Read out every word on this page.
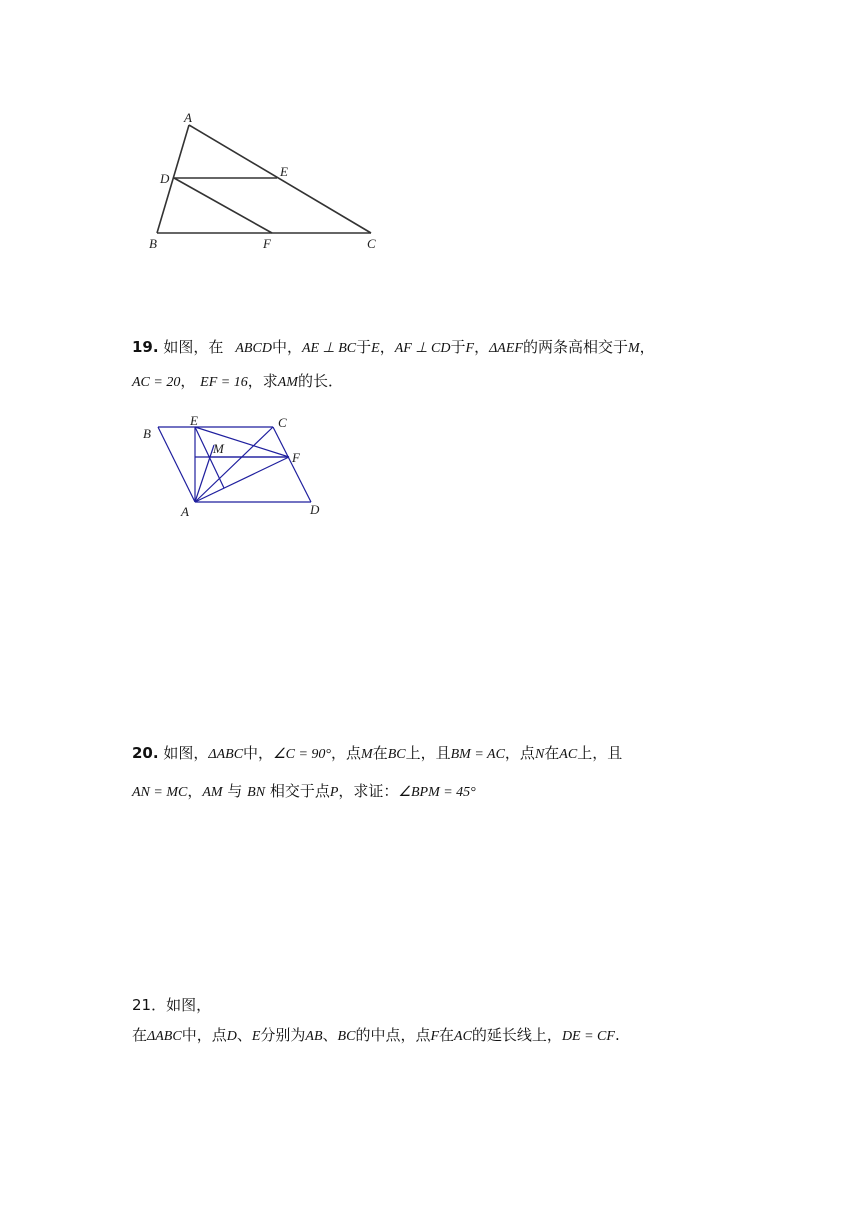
A
D	E
B	F	C
19. 如图，在 ABCD中，AE ⊥ BC于E，AF ⊥ CD于F，ΔAEF的两条高相交于M，
AC = 20， EF = 16，求AM的长．
B
E	C
M
F
A	D
20. 如图，ΔABC中，∠C = 90°，点M在BC上，且BM = AC，点N在AC上，且
AN = MC，AM 与 BN 相交于点P，求证：∠BPM = 45°
21．如图，
在ΔABC中，点D、E分别为AB、BC的中点，点F在AC的延长线上，DE = CF.
